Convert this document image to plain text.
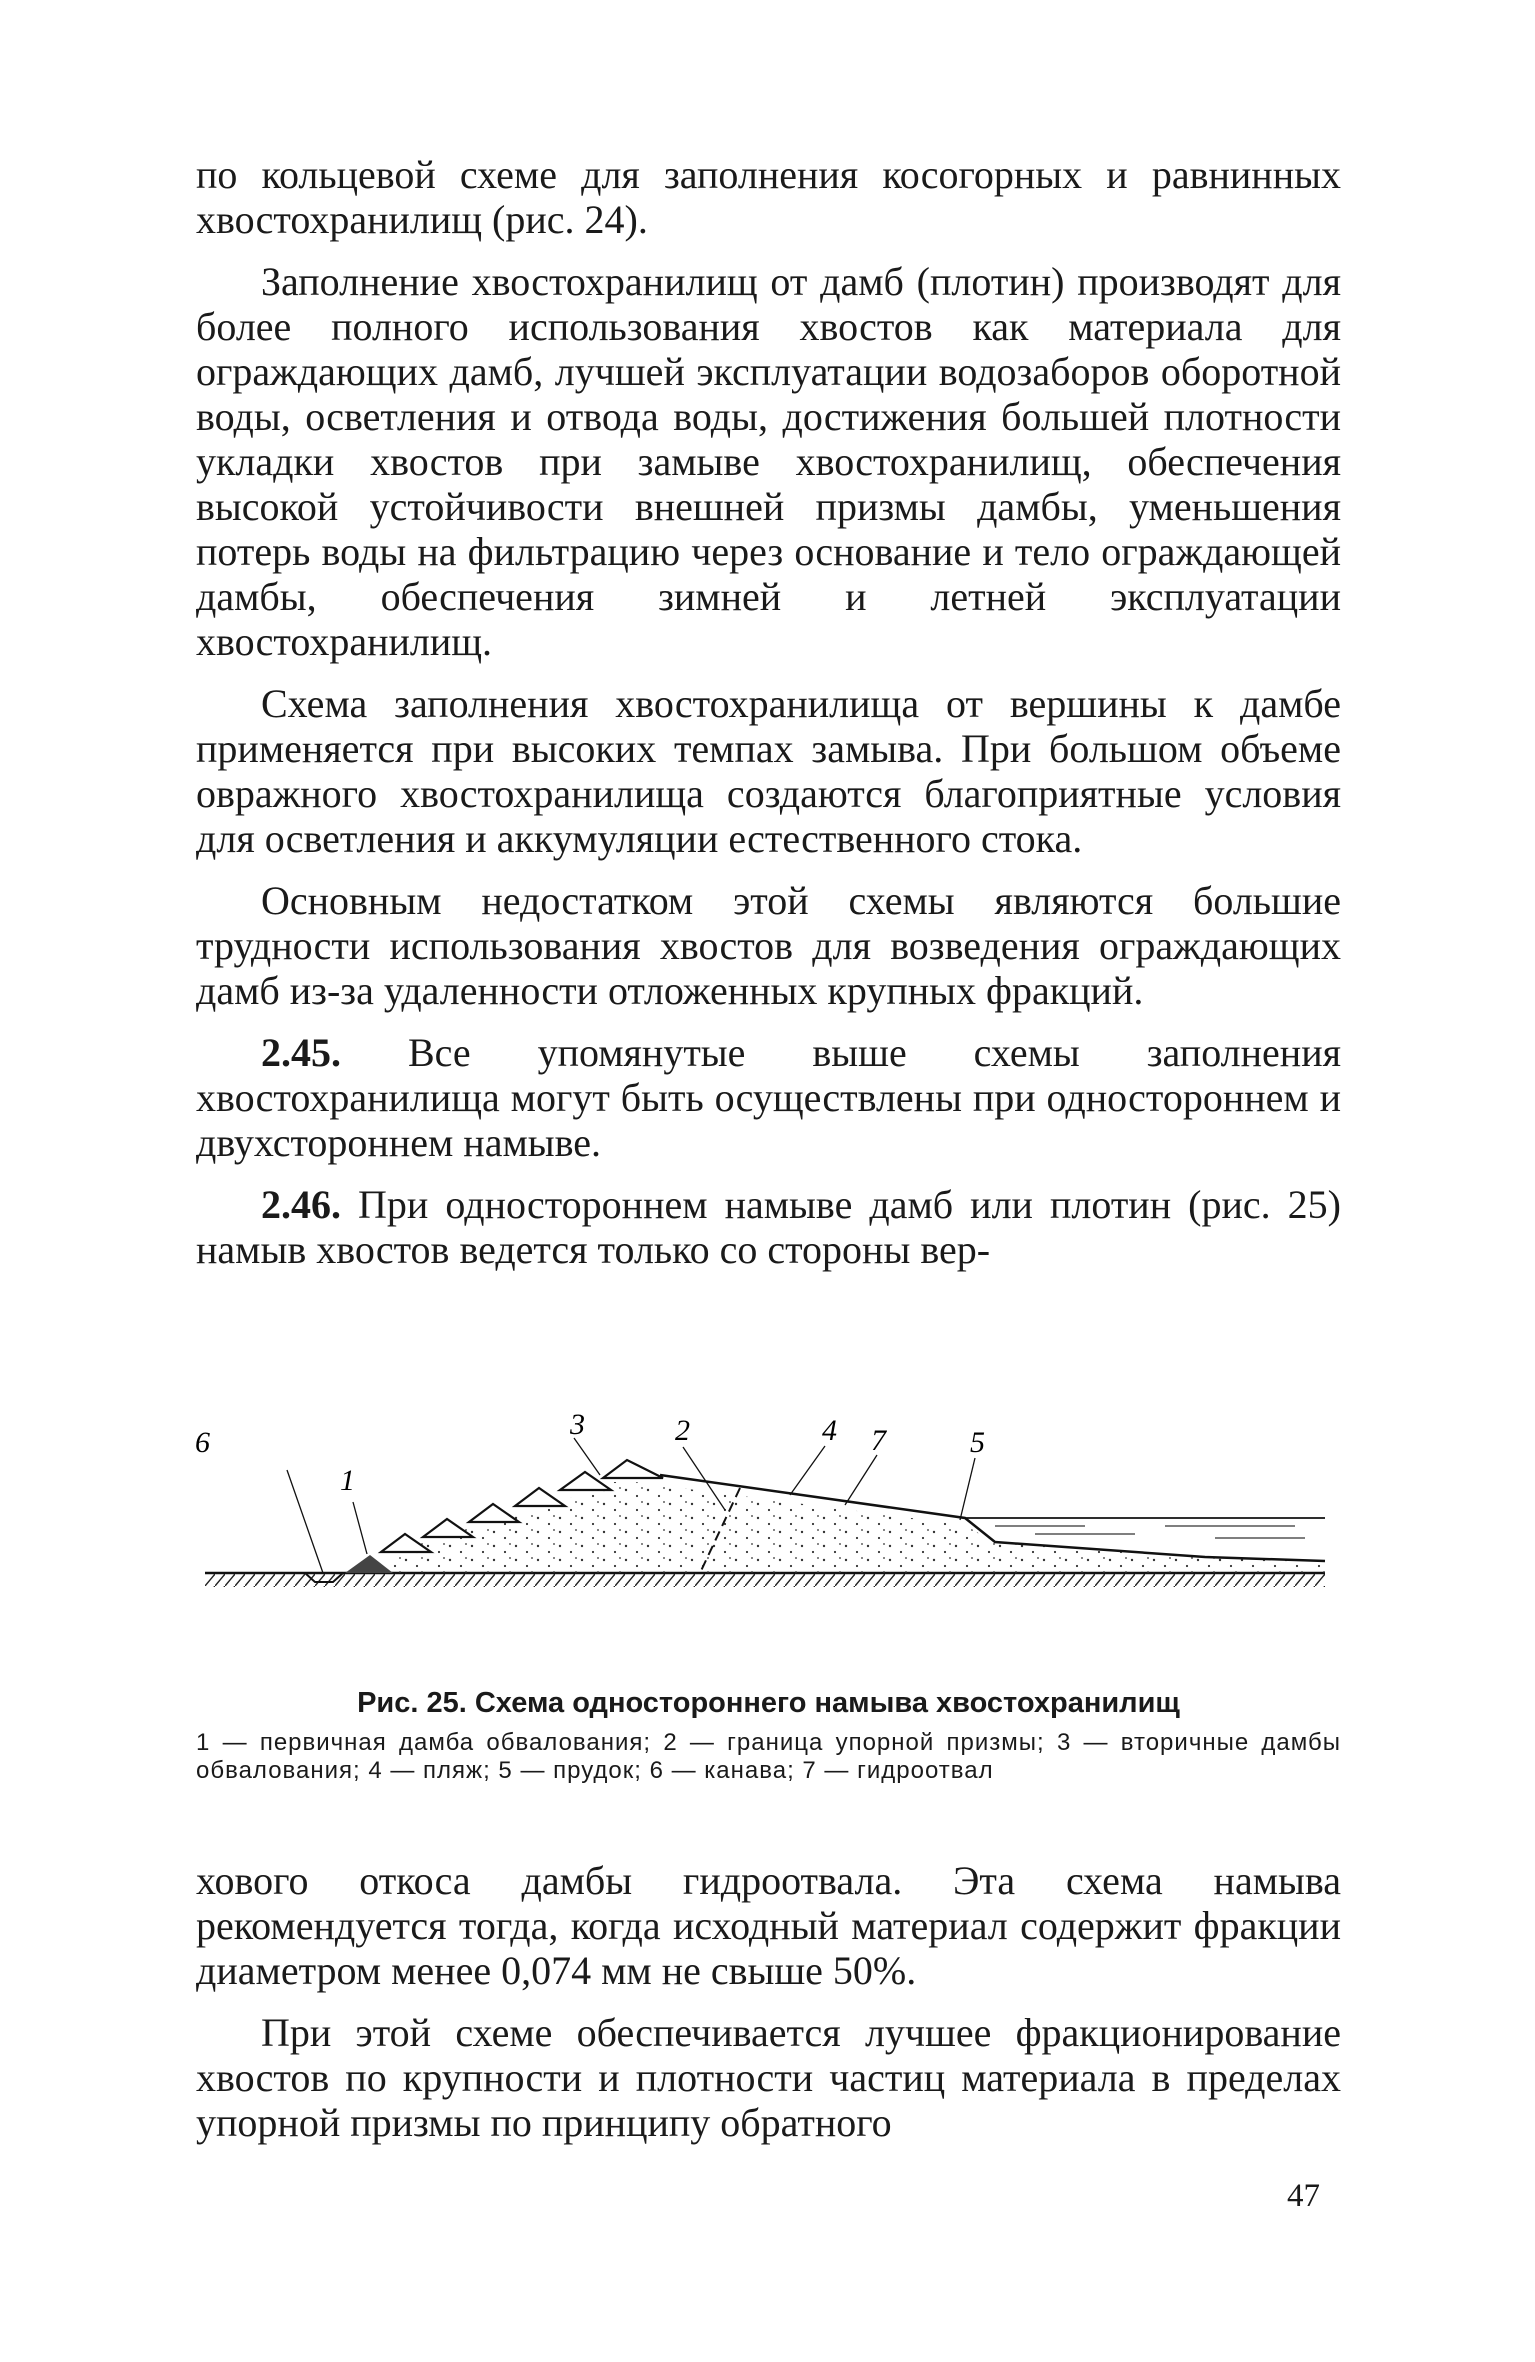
по кольцевой схеме для заполнения косогорных и равнинных хвостохранилищ (рис. 24).

Заполнение хвостохранилищ от дамб (плотин) производят для более полного использования хвостов как материала для ограждающих дамб, лучшей эксплуатации водозаборов оборотной воды, осветления и отвода воды, достижения большей плотности укладки хвостов при замыве хвостохранилищ, обеспечения высокой устойчивости внешней призмы дамбы, уменьшения потерь воды на фильтрацию через основание и тело ограждающей дамбы, обеспечения зимней и летней эксплуатации хвостохранилищ.

Схема заполнения хвостохранилища от вершины к дамбе применяется при высоких темпах замыва. При большом объеме овражного хвостохранилища создаются благоприятные условия для осветления и аккумуляции естественного стока.

Основным недостатком этой схемы являются большие трудности использования хвостов для возведения ограждающих дамб из-за удаленности отложенных крупных фракций.

2.45. Все упомянутые выше схемы заполнения хвостохранилища могут быть осуществлены при одностороннем и двухстороннем намыве.

2.46. При одностороннем намыве дамб или плотин (рис. 25) намыв хвостов ведется только со стороны вер-

6
1
3	2	4 7	5
Рис. 25. Схема одностороннего намыва хвостохранилищ
1 — первичная дамба обвалования; 2 — граница упорной призмы; 3 — вторичные дамбы обвалования; 4 — пляж; 5 — прудок; 6 — канава; 7 — гидроотвал

хового откоса дамбы гидроотвала. Эта схема намыва рекомендуется тогда, когда исходный материал содержит фракции диаметром менее 0,074 мм не свыше 50%.

При этой схеме обеспечивается лучшее фракционирование хвостов по крупности и плотности частиц материала в пределах упорной призмы по принципу обратного

47
